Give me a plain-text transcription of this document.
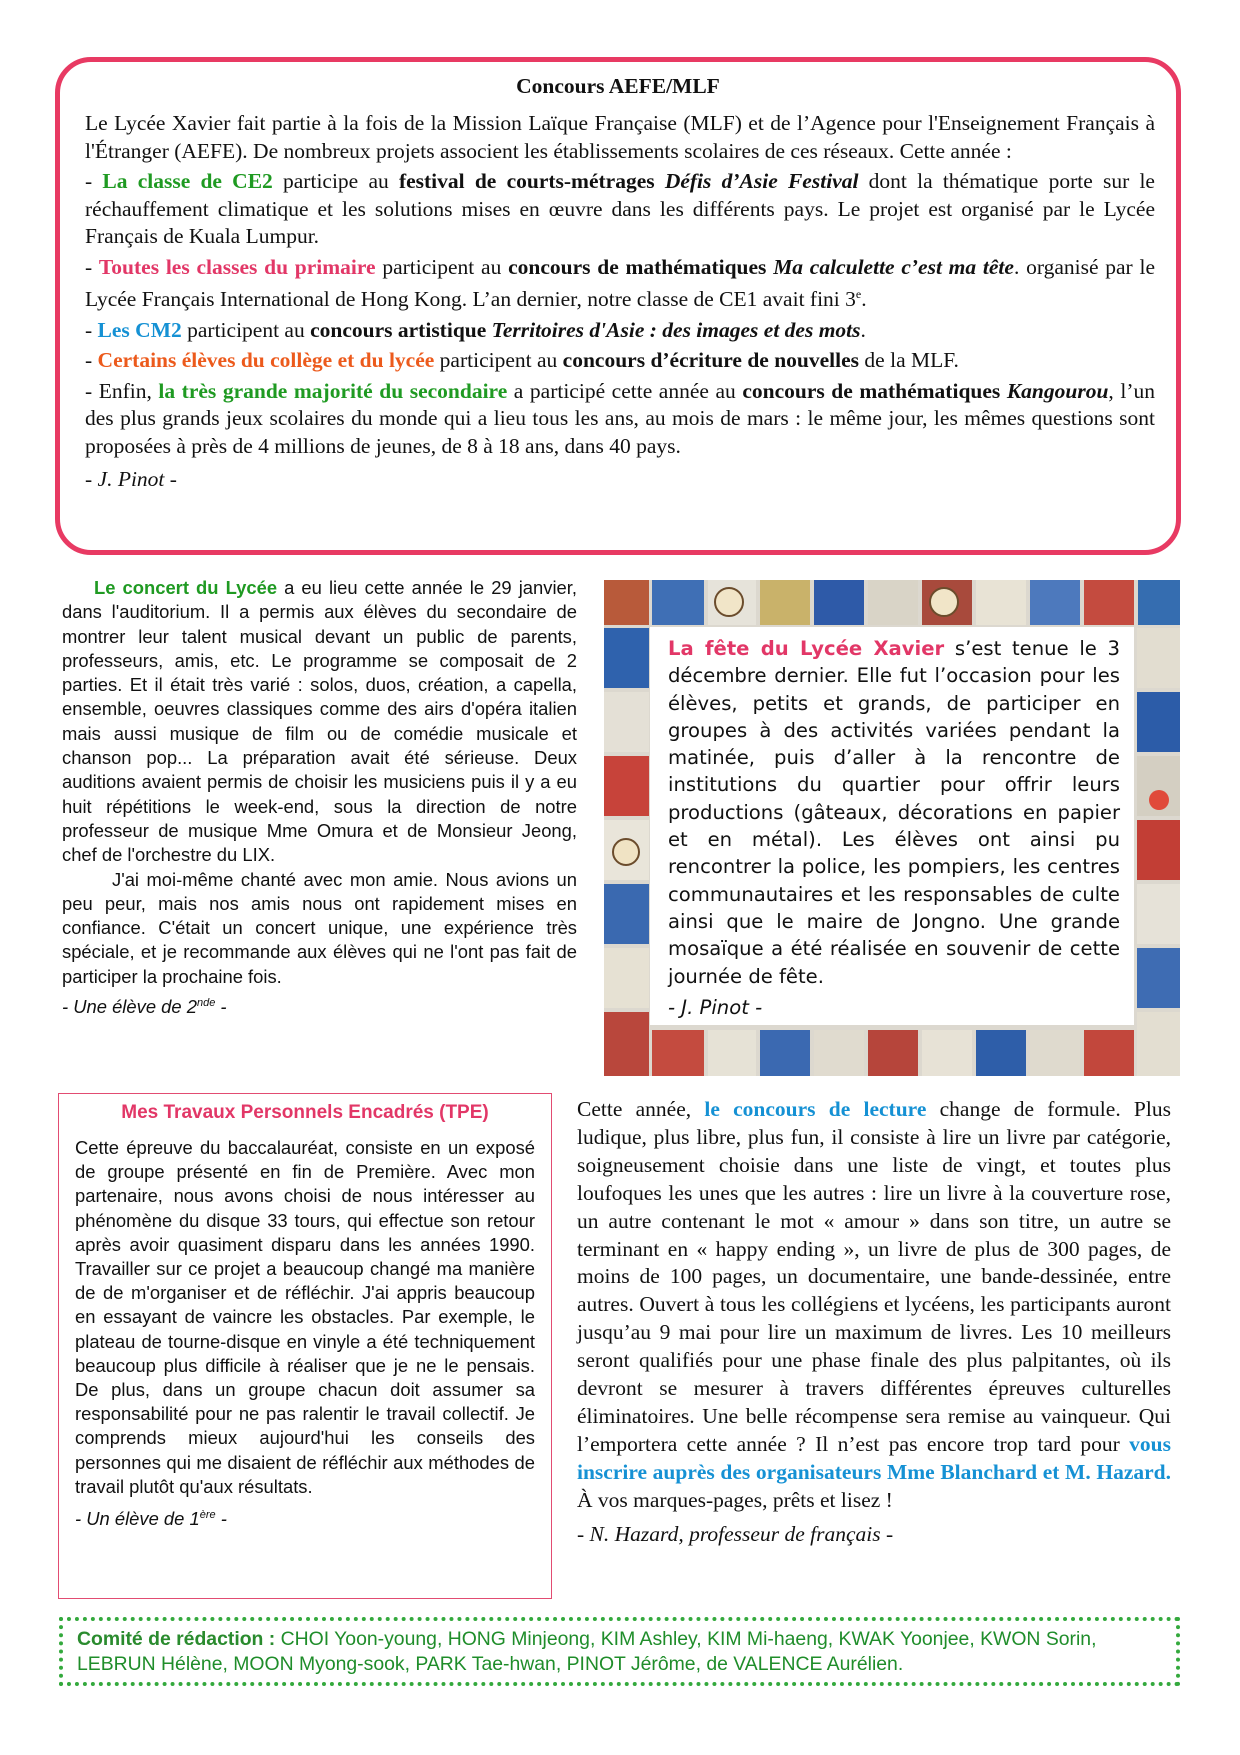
Concours AEFE/MLF

Le Lycée Xavier fait partie à la fois de la Mission Laïque Française (MLF) et de l’Agence pour l'Enseignement Français à l'Étranger (AEFE). De nombreux projets associent les établissements scolaires de ces réseaux. Cette année :

- La classe de CE2 participe au festival de courts-métrages Défis d’Asie Festival dont la thématique porte sur le réchauffement climatique et les solutions mises en œuvre dans les différents pays. Le projet est organisé par le Lycée Français de Kuala Lumpur.

- Toutes les classes du primaire participent au concours de mathématiques Ma calculette c’est ma tête. organisé par le Lycée Français International de Hong Kong. L’an dernier, notre classe de CE1 avait fini 3e.

- Les CM2 participent au concours artistique Territoires d'Asie : des images et des mots.

- Certains élèves du collège et du lycée participent au concours d’écriture de nouvelles de la MLF.

- Enfin, la très grande majorité du secondaire a participé cette année au concours de mathématiques Kangourou, l’un des plus grands jeux scolaires du monde qui a lieu tous les ans, au mois de mars : le même jour, les mêmes questions sont proposées à près de 4 millions de jeunes, de 8 à 18 ans, dans 40 pays.

- J. Pinot -

Le concert du Lycée a eu lieu cette année le 29 janvier, dans l'auditorium. Il a permis aux élèves du secondaire de montrer leur talent musical devant un public de parents, professeurs, amis, etc. Le programme se composait de 2 parties. Et il était très varié : solos, duos, création, a capella, ensemble, oeuvres classiques comme des airs d'opéra italien mais aussi musique de film ou de comédie musicale et chanson pop... La préparation avait été sérieuse. Deux auditions avaient permis de choisir les musiciens puis il y a eu huit répétitions le week-end, sous la direction de notre professeur de musique Mme Omura et de Monsieur Jeong, chef de l'orchestre du LIX.

J'ai moi-même chanté avec mon amie. Nous avions un peu peur, mais nos amis nous ont rapidement mises en confiance. C'était un concert unique, une expérience très spéciale, et je recommande aux élèves qui ne l'ont pas fait de participer la prochaine fois.

- Une élève de 2nde -

La fête du Lycée Xavier s’est tenue le 3 décembre dernier. Elle fut l’occasion pour les élèves, petits et grands, de participer en groupes à des activités variées pendant la matinée, puis d’aller à la rencontre de institutions du quartier pour offrir leurs productions (gâteaux, décorations en papier et en métal). Les élèves ont ainsi pu rencontrer la police, les pompiers, les centres communautaires et les responsables de culte ainsi que le maire de Jongno. Une grande mosaïque a été réalisée en souvenir de cette journée de fête.

- J. Pinot -

Mes Travaux Personnels Encadrés (TPE)

Cette épreuve du baccalauréat, consiste en un exposé de groupe présenté en fin de Première. Avec mon partenaire, nous avons choisi de nous intéresser au phénomène du disque 33 tours, qui effectue son retour après avoir quasiment disparu dans les années 1990. Travailler sur ce projet a beaucoup changé ma manière de de m'organiser et de réfléchir. J'ai appris beaucoup en essayant de vaincre les obstacles. Par exemple, le plateau de tourne-disque en vinyle a été techniquement beaucoup plus difficile à réaliser que je ne le pensais. De plus, dans un groupe chacun doit assumer sa responsabilité pour ne pas ralentir le travail collectif. Je comprends mieux aujourd'hui les conseils des personnes qui me disaient de réfléchir aux méthodes de travail plutôt qu'aux résultats.

- Un élève de 1ère -

Cette année, le concours de lecture change de formule. Plus ludique, plus libre, plus fun, il consiste à lire un livre par catégorie, soigneusement choisie dans une liste de vingt, et toutes plus loufoques les unes que les autres : lire un livre à la couverture rose, un autre contenant le mot « amour » dans son titre, un autre se terminant en « happy ending », un livre de plus de 300 pages, de moins de 100 pages, un documentaire, une bande-dessinée, entre autres. Ouvert à tous les collégiens et lycéens, les participants auront jusqu’au 9 mai pour lire un maximum de livres. Les 10 meilleurs seront qualifiés pour une phase finale des plus palpitantes, où ils devront se mesurer à travers différentes épreuves culturelles éliminatoires. Une belle récompense sera remise au vainqueur. Qui l’emportera cette année ? Il n’est pas encore trop tard pour vous inscrire auprès des organisateurs Mme Blanchard et M. Hazard. À vos marques-pages, prêts et lisez !

- N. Hazard, professeur de français -

Comité de rédaction : CHOI Yoon-young, HONG Minjeong, KIM Ashley, KIM Mi-haeng, KWAK Yoonjee, KWON Sorin, LEBRUN Hélène, MOON Myong-sook, PARK Tae-hwan, PINOT Jérôme, de VALENCE Aurélien.
